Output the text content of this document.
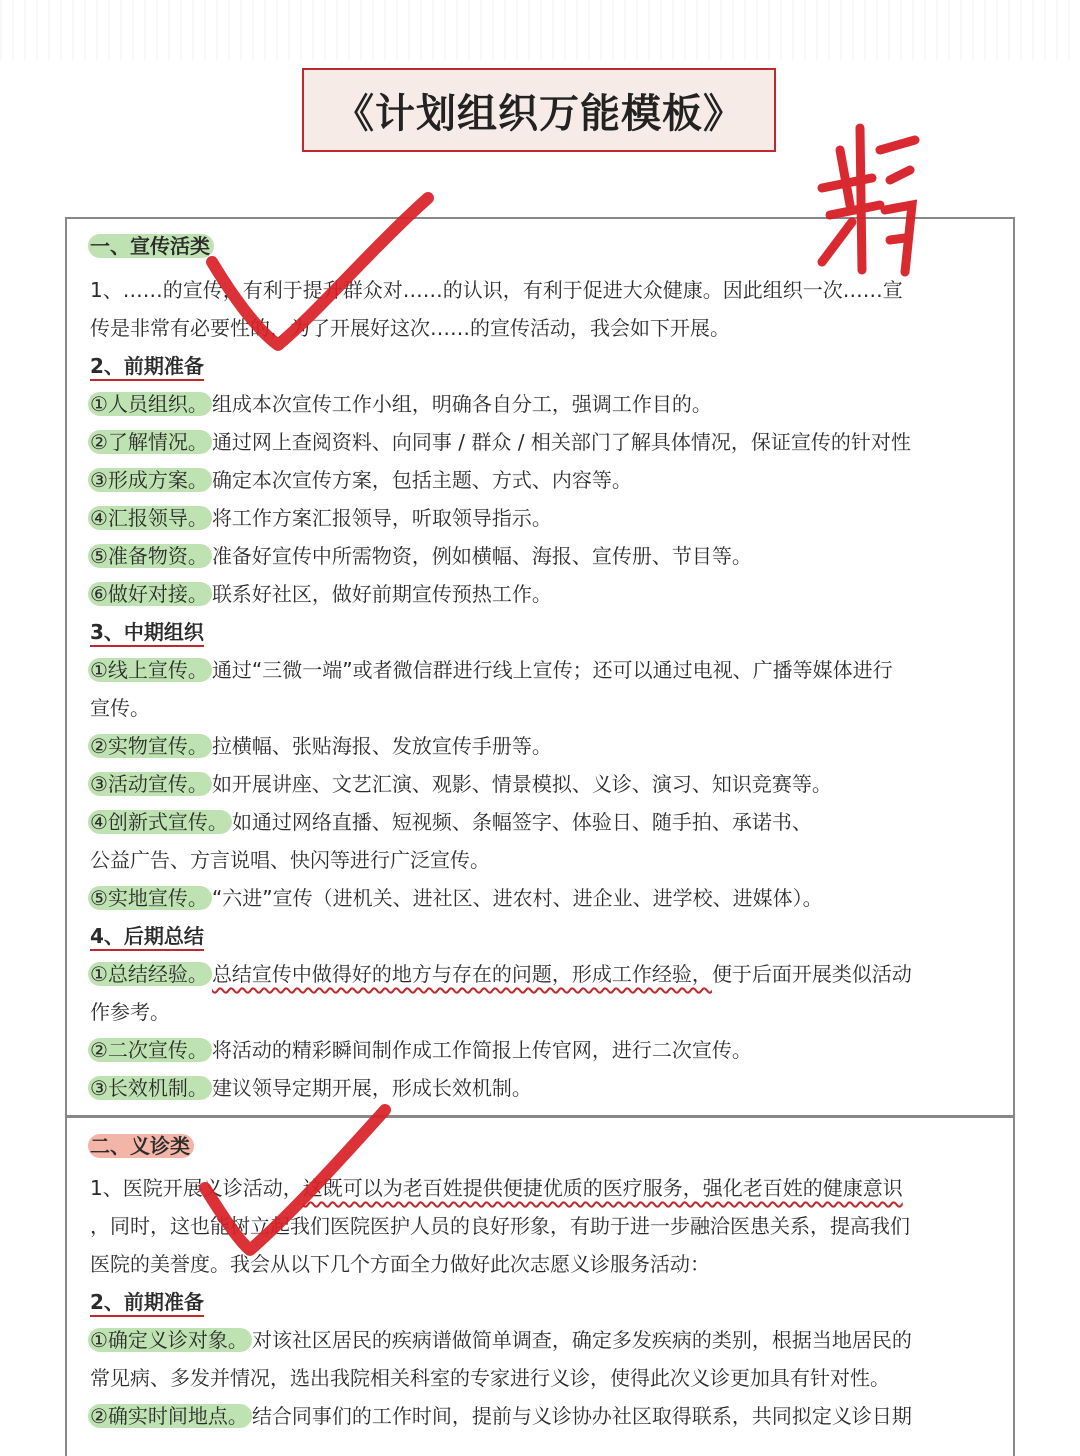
《计划组织万能模板》
一、宣传活类
1、……的宣传，有利于提升群众对……的认识，有利于促进大众健康。因此组织一次……宣
传是非常有必要性的，为了开展好这次……的宣传活动，我会如下开展。
2、前期准备
①人员组织。 组成本次宣传工作小组，明确各自分工，强调工作目的。
②了解情况。 通过网上查阅资料、向同事 / 群众 / 相关部门了解具体情况，保证宣传的针对性
③形成方案。 确定本次宣传方案，包括主题、方式、内容等。
④汇报领导。 将工作方案汇报领导，听取领导指示。
⑤准备物资。 准备好宣传中所需物资，例如横幅、海报、宣传册、节目等。
⑥做好对接。 联系好社区，做好前期宣传预热工作。
3、中期组织
①线上宣传。 通过“三微一端”或者微信群进行线上宣传；还可以通过电视、广播等媒体进行
宣传。
②实物宣传。 拉横幅、张贴海报、发放宣传手册等。
③活动宣传。 如开展讲座、文艺汇演、观影、情景模拟、义诊、演习、知识竞赛等。
④创新式宣传。 如通过网络直播、短视频、条幅签字、体验日、随手拍、承诺书、
公益广告、方言说唱、快闪等进行广泛宣传。
⑤实地宣传。 “六进”宣传（进机关、进社区、进农村、进企业、进学校、进媒体）。
4、后期总结
①总结经验。 总结宣传中做得好的地方与存在的问题，形成工作经验，便于后面开展类似活动
作参考。
②二次宣传。 将活动的精彩瞬间制作成工作简报上传官网，进行二次宣传。
③长效机制。 建议领导定期开展，形成长效机制。
二、义诊类
1、医院开展义诊活动，这既可以为老百姓提供便捷优质的医疗服务，强化老百姓的健康意识
，同时，这也能树立起我们医院医护人员的良好形象，有助于进一步融洽医患关系，提高我们
医院的美誉度。我会从以下几个方面全力做好此次志愿义诊服务活动：
2、前期准备
①确定义诊对象。 对该社区居民的疾病谱做简单调查，确定多发疾病的类别，根据当地居民的
常见病、多发并情况，选出我院相关科室的专家进行义诊，使得此次义诊更加具有针对性。
②确实时间地点。 结合同事们的工作时间，提前与义诊协办社区取得联系，共同拟定义诊日期
